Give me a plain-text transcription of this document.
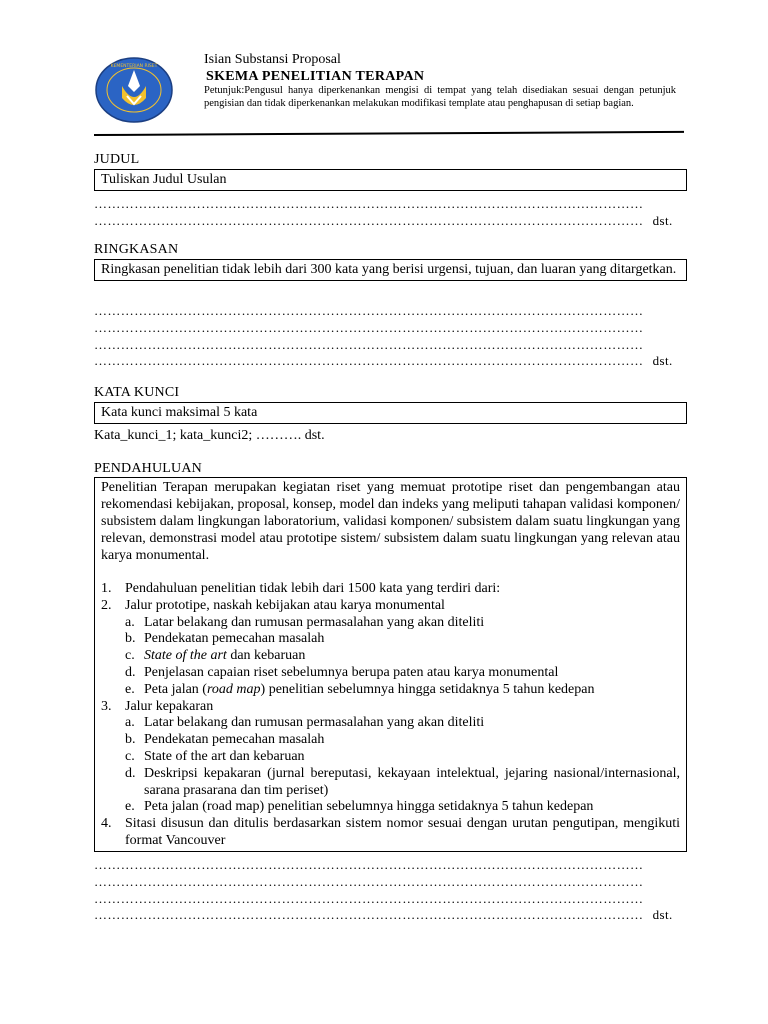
KEMENTERIAN RISET	Isian Substansi Proposal
SKEMA PENELITIAN TERAPAN
Petunjuk:Pengusul hanya diperkenankan mengisi di tempat yang telah disediakan sesuai dengan petunjuk pengisian dan tidak diperkenankan melakukan modifikasi template atau penghapusan di setiap bagian.
JUDUL
Tuliskan Judul Usulan
……………………………………………………………………………………………………………
…………………………………………………………………………………………………………… dst.
RINGKASAN
Ringkasan penelitian tidak lebih dari 300 kata yang berisi urgensi, tujuan, dan luaran yang ditargetkan.
……………………………………………………………………………………………………………
……………………………………………………………………………………………………………
……………………………………………………………………………………………………………
…………………………………………………………………………………………………………… dst.
KATA KUNCI
Kata kunci maksimal 5 kata
Kata_kunci_1; kata_kunci2; ………. dst.
PENDAHULUAN
Penelitian Terapan merupakan kegiatan riset yang memuat prototipe riset dan pengembangan atau rekomendasi kebijakan, proposal, konsep, model dan indeks yang meliputi tahapan validasi komponen/ subsistem dalam lingkungan laboratorium, validasi komponen/ subsistem dalam suatu lingkungan yang relevan, demonstrasi model atau prototipe sistem/ subsistem dalam suatu lingkungan yang relevan atau karya monumental.
1. Pendahuluan penelitian tidak lebih dari 1500 kata yang terdiri dari:
2. Jalur prototipe, naskah kebijakan atau karya monumental
a. Latar belakang dan rumusan permasalahan yang akan diteliti
b. Pendekatan pemecahan masalah
c. State of the art dan kebaruan
d. Penjelasan capaian riset sebelumnya berupa paten atau karya monumental
e. Peta jalan (road map) penelitian sebelumnya hingga setidaknya 5 tahun kedepan
3. Jalur kepakaran
a. Latar belakang dan rumusan permasalahan yang akan diteliti
b. Pendekatan pemecahan masalah
c. State of the art dan kebaruan
d. Deskripsi kepakaran (jurnal bereputasi, kekayaan intelektual, jejaring nasional/internasional, sarana prasarana dan tim periset)
e. Peta jalan (road map) penelitian sebelumnya hingga setidaknya 5 tahun kedepan
4. Sitasi disusun dan ditulis berdasarkan sistem nomor sesuai dengan urutan pengutipan, mengikuti format Vancouver
……………………………………………………………………………………………………………
……………………………………………………………………………………………………………
……………………………………………………………………………………………………………
…………………………………………………………………………………………………………… dst.
